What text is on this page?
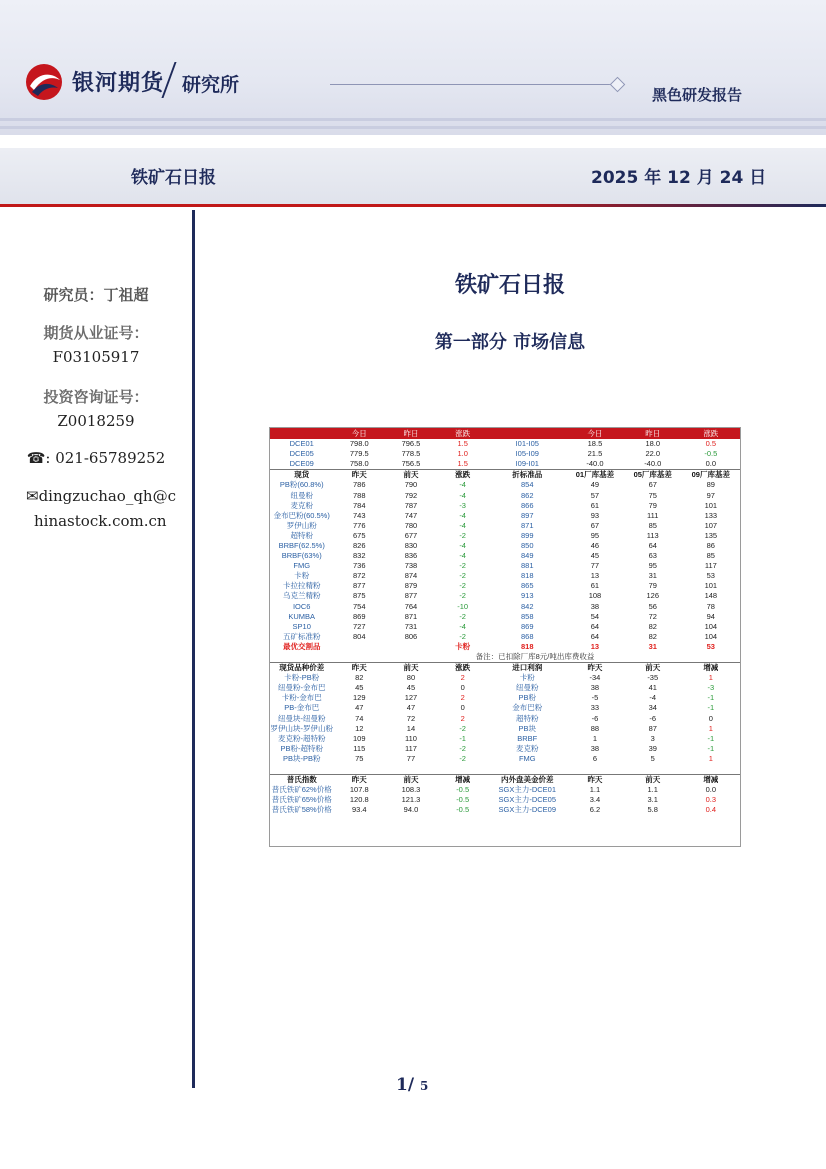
银河期货 研究所	黑色研发报告
铁矿石日报	2025 年 12 月 24 日
研究员：丁祖超
期货从业证号：
F03105917
投资咨询证号：
Z0018259
☎: 021-65789252
✉dingzuchao_qh@c
hinastock.com.cn
铁矿石日报
第一部分 市场信息
	今日	昨日	涨跌		今日	昨日	涨跌
DCE01	798.0	796.5	1.5	I01-I05	18.5	18.0	0.5
DCE05	779.5	778.5	1.0	I05-I09	21.5	22.0	-0.5
DCE09	758.0	756.5	1.5	I09-I01	-40.0	-40.0	0.0
现货	昨天	前天	涨跌	折标准品	01厂库基差	05厂库基差	09厂库基差
PB粉(60.8%)	786	790	-4	854	49	67	89
纽曼粉	788	792	-4	862	57	75	97
麦克粉	784	787	-3	866	61	79	101
金布巴粉(60.5%)	743	747	-4	897	93	111	133
罗伊山粉	776	780	-4	871	67	85	107
超特粉	675	677	-2	899	95	113	135
BRBF(62.5%)	826	830	-4	850	46	64	86
BRBF(63%)	832	836	-4	849	45	63	85
FMG	736	738	-2	881	77	95	117
卡粉	872	874	-2	818	13	31	53
卡拉拉精粉	877	879	-2	865	61	79	101
乌克兰精粉	875	877	-2	913	108	126	148
IOC6	754	764	-10	842	38	56	78
KUMBA	869	871	-2	858	54	72	94
SP10	727	731	-4	869	64	82	104
五矿标准粉	804	806	-2	868	64	82	104
最优交割品			卡粉	818	13	31	53
备注：已扣除厂库8元/吨出库费收益							
现货品种价差	昨天	前天	涨跌	进口利润	昨天	前天	增减
卡粉-PB粉	82	80	2	卡粉	-34	-35	1
纽曼粉-金布巴	45	45	0	纽曼粉	38	41	-3
卡粉-金布巴	129	127	2	PB粉	-5	-4	-1
PB-金布巴	47	47	0	金布巴粉	33	34	-1
纽曼块-纽曼粉	74	72	2	超特粉	-6	-6	0
罗伊山块-罗伊山粉	12	14	-2	PB块	88	87	1
麦克粉-超特粉	109	110	-1	BRBF	1	3	-1
PB粉-超特粉	115	117	-2	麦克粉	38	39	-1
PB块-PB粉	75	77	-2	FMG	6	5	1

普氏指数	昨天	前天	增减	内外盘美金价差	昨天	前天	增减
普氏铁矿62%价格	107.8	108.3	-0.5	SGX主力-DCE01	1.1	1.1	0.0
普氏铁矿65%价格	120.8	121.3	-0.5	SGX主力-DCE05	3.4	3.1	0.3
普氏铁矿58%价格	93.4	94.0	-0.5	SGX主力-DCE09	6.2	5.8	0.4
1/ 5
